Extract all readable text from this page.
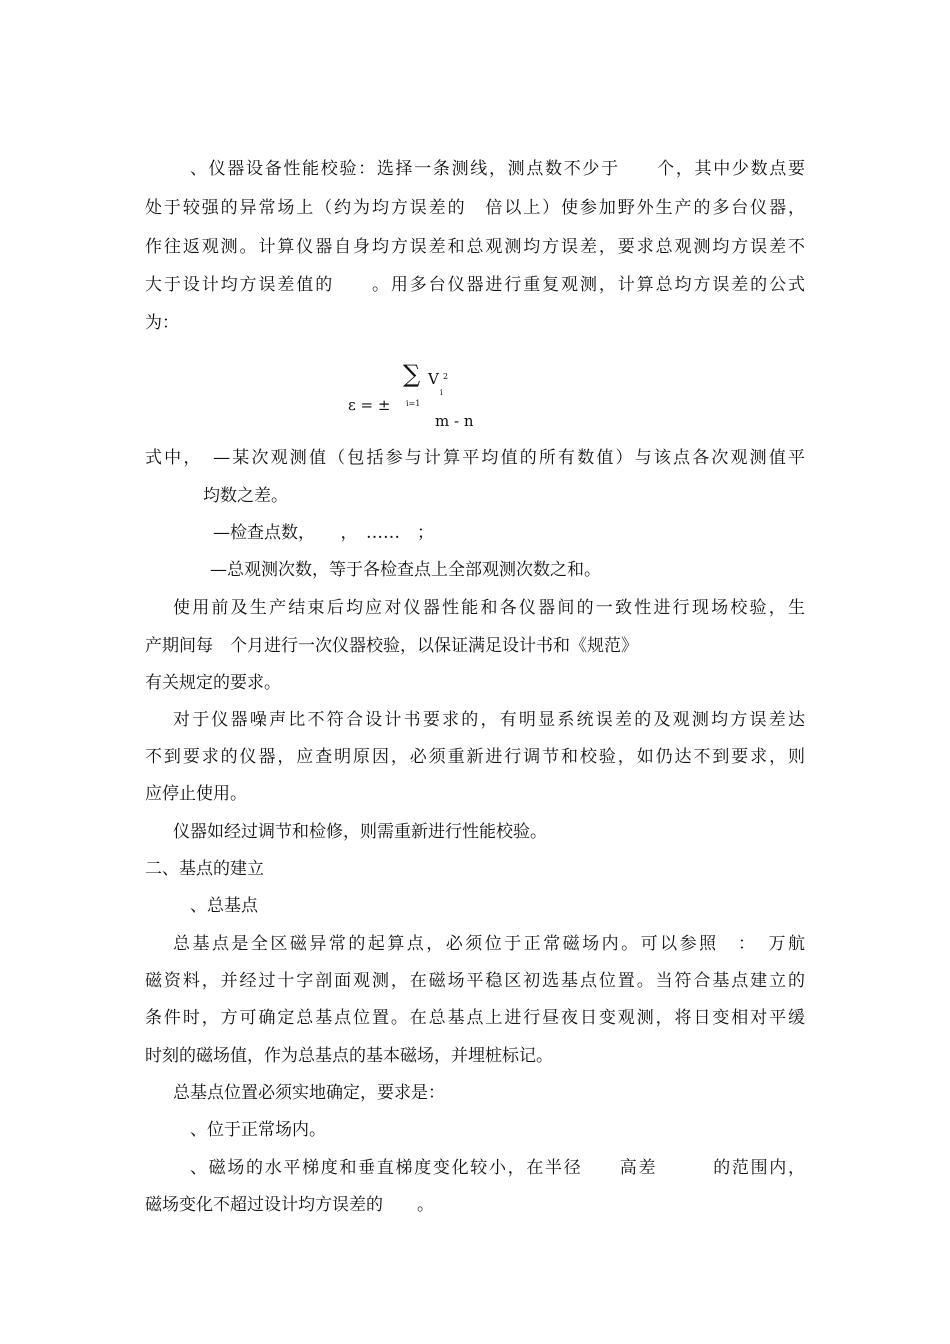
、仪器设备性能校验：选择一条测线，测点数不少于　　个，其中少数点要
处于较强的异常场上（约为均方误差的　倍以上）使参加野外生产的多台仪器，
作往返观测。计算仪器自身均方误差和总观测均方误差，要求总观测均方误差不
大于设计均方误差值的　　。用多台仪器进行重复观测，计算总均方误差的公式
为：
∑ V 2
i
ε = ± i=1
m - n
式中，　—某次观测值（包括参与计算平均值的所有数值）与该点各次观测值平
均数之差。
—检查点数，　　，　……　；
—总观测次数，等于各检查点上全部观测次数之和。
使用前及生产结束后均应对仪器性能和各仪器间的一致性进行现场校验，生
产期间每　个月进行一次仪器校验，以保证满足设计书和《规范》
有关规定的要求。
对于仪器噪声比不符合设计书要求的，有明显系统误差的及观测均方误差达
不到要求的仪器，应查明原因，必须重新进行调节和校验，如仍达不到要求，则
应停止使用。
仪器如经过调节和检修，则需重新进行性能校验。
二、基点的建立
、总基点
总基点是全区磁异常的起算点，必须位于正常磁场内。可以参照　：　万航
磁资料，并经过十字剖面观测，在磁场平稳区初选基点位置。当符合基点建立的
条件时，方可确定总基点位置。在总基点上进行昼夜日变观测，将日变相对平缓
时刻的磁场值，作为总基点的基本磁场，并埋桩标记。
总基点位置必须实地确定，要求是：
、位于正常场内。
、磁场的水平梯度和垂直梯度变化较小，在半径　　高差　　　的范围内，
磁场变化不超过设计均方误差的　　。
